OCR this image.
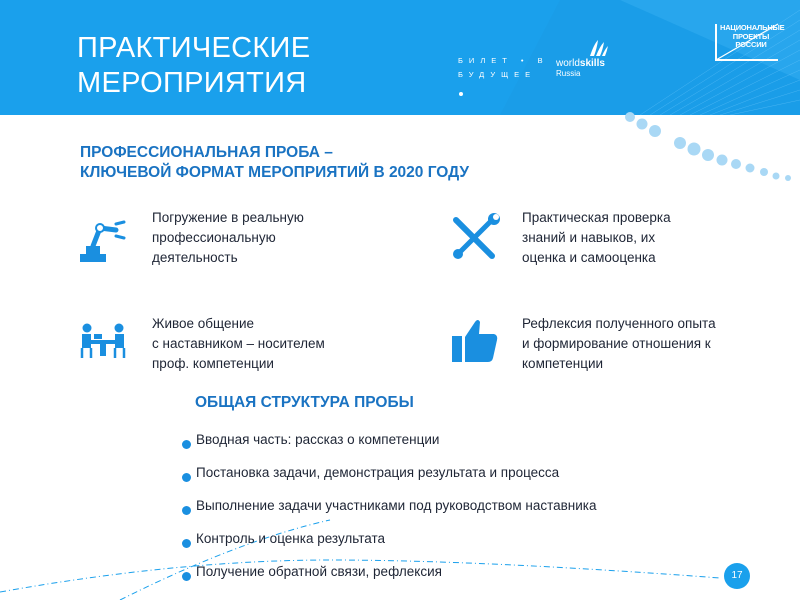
ПРАКТИЧЕСКИЕ
МЕРОПРИЯТИЯ
БИЛЕТ • В
БУДУЩЕЕ
worldskills
Russia
НАЦИОНАЛЬНЫЕ
ПРОЕКТЫ
РОССИИ
ПРОФЕССИОНАЛЬНАЯ ПРОБА –
КЛЮЧЕВОЙ ФОРМАТ МЕРОПРИЯТИЙ В 2020 ГОДУ
Погружение в реальную
профессиональную
деятельность
Практическая проверка
знаний и навыков, их
оценка и самооценка
Живое общение
с наставником – носителем
проф. компетенции
Рефлексия полученного опыта
и формирование отношения к
компетенции
ОБЩАЯ СТРУКТУРА ПРОБЫ
Вводная часть: рассказ о компетенции
Постановка задачи, демонстрация результата и процесса
Выполнение задачи участниками под руководством наставника
Контроль и оценка результата
Получение обратной связи, рефлексия	17
